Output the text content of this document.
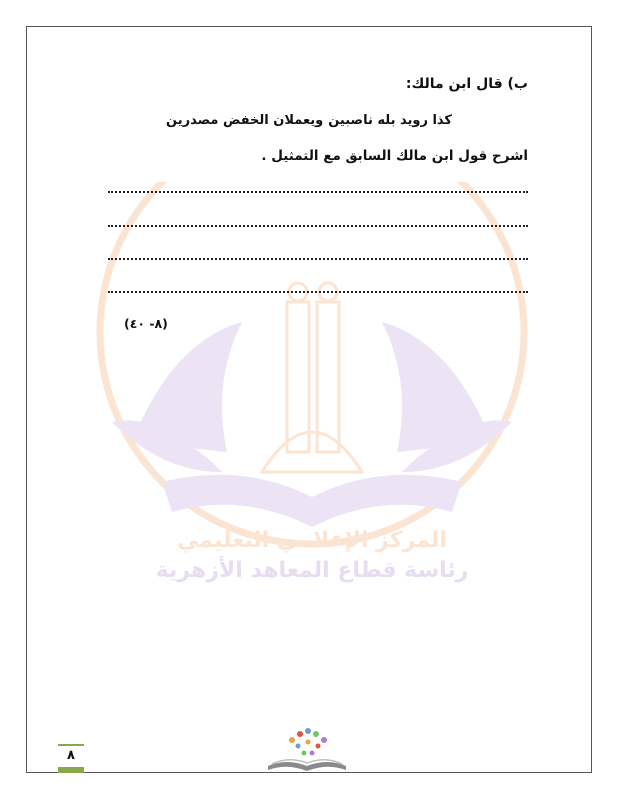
المركز الإعلامي التعليمي
رئاسة قطاع المعاهد الأزهرية
ب) قال ابن مالك:
كذا رويد بله ناصبين
ويعملان الخفض مصدرين
اشرح قول ابن مالك السابق مع التمثيل .
(٨- ٤٠)
٨
